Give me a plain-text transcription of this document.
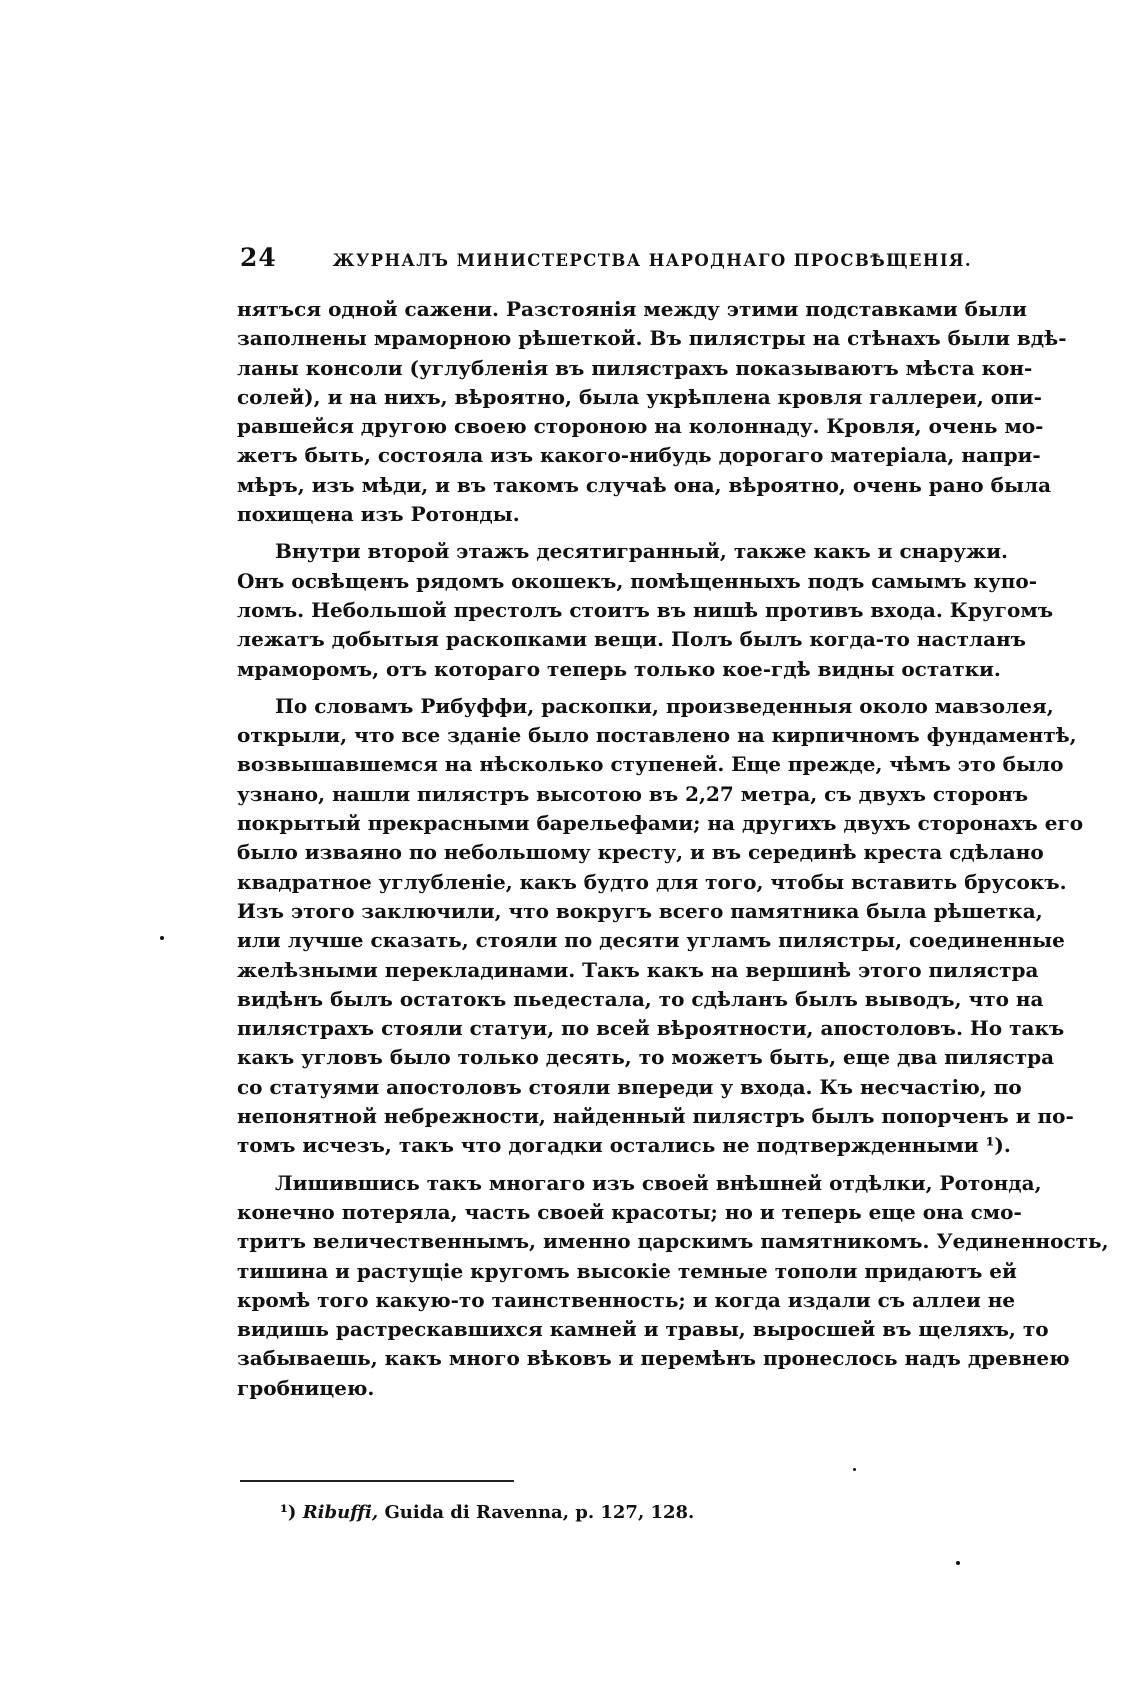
24	ЖУРНАЛЪ МИНИСТЕРСТВА НАРОДНАГО ПРОСВѢЩЕНІЯ.
нятъся одной сажени. Разстоянія между этими подставками были
заполнены мраморною рѣшеткой. Въ пилястры на стѣнахъ были вдѣ-
ланы консоли (углубленія въ пилястрахъ показываютъ мѣста кон-
солей), и на нихъ, вѣроятно, была укрѣплена кровля галлереи, опи-
равшейся другою своею стороною на колоннаду. Кровля, очень мо-
жетъ быть, состояла изъ какого-нибудь дорогаго матеріала, напри-
мѣръ, изъ мѣди, и въ такомъ случаѣ она, вѣроятно, очень рано была
похищена изъ Ротонды.
Внутри второй этажъ десятигранный, также какъ и снаружи.
Онъ освѣщенъ рядомъ окошекъ, помѣщенныхъ подъ самымъ купо-
ломъ. Небольшой престолъ стоитъ въ нишѣ противъ входа. Кругомъ
лежатъ добытыя раскопками вещи. Полъ былъ когда-то настланъ
мраморомъ, отъ котораго теперь только кое-гдѣ видны остатки.
По словамъ Рибуффи, раскопки, произведенныя около мавзолея,
открыли, что все зданіе было поставлено на кирпичномъ фундаментѣ,
возвышавшемся на нѣсколько ступеней. Еще прежде, чѣмъ это было
узнано, нашли пилястръ высотою въ 2,27 метра, съ двухъ сторонъ
покрытый прекрасными барельефами; на другихъ двухъ сторонахъ его
было изваяно по небольшому кресту, и въ серединѣ креста сдѣлано
квадратное углубленіе, какъ будто для того, чтобы вставить брусокъ.
Изъ этого заключили, что вокругъ всего памятника была рѣшетка,
или лучше сказать, стояли по десяти угламъ пилястры, соединенные
желѣзными перекладинами. Такъ какъ на вершинѣ этого пилястра
видѣнъ былъ остатокъ пьедестала, то сдѣланъ былъ выводъ, что на
пилястрахъ стояли статуи, по всей вѣроятности, апостоловъ. Но такъ
какъ угловъ было только десять, то можетъ быть, еще два пилястра
со статуями апостоловъ стояли впереди у входа. Къ несчастію, по
непонятной небрежности, найденный пилястръ былъ попорченъ и по-
томъ исчезъ, такъ что догадки остались не подтвержденными ¹).
Лишившись такъ многаго изъ своей внѣшней отдѣлки, Ротонда,
конечно потеряла, часть своей красоты; но и теперь еще она смо-
тритъ величественнымъ, именно царскимъ памятникомъ. Уединенность,
тишина и растущіе кругомъ высокіе темные тополи придаютъ ей
кромѣ того какую-то таинственность; и когда издали съ аллеи не
видишь растрескавшихся камней и травы, выросшей въ щеляхъ, то
забываешь, какъ много вѣковъ и перемѣнъ пронеслось надъ древнею
гробницею.
¹) Ribuffi, Guida di Ravenna, p. 127, 128.
